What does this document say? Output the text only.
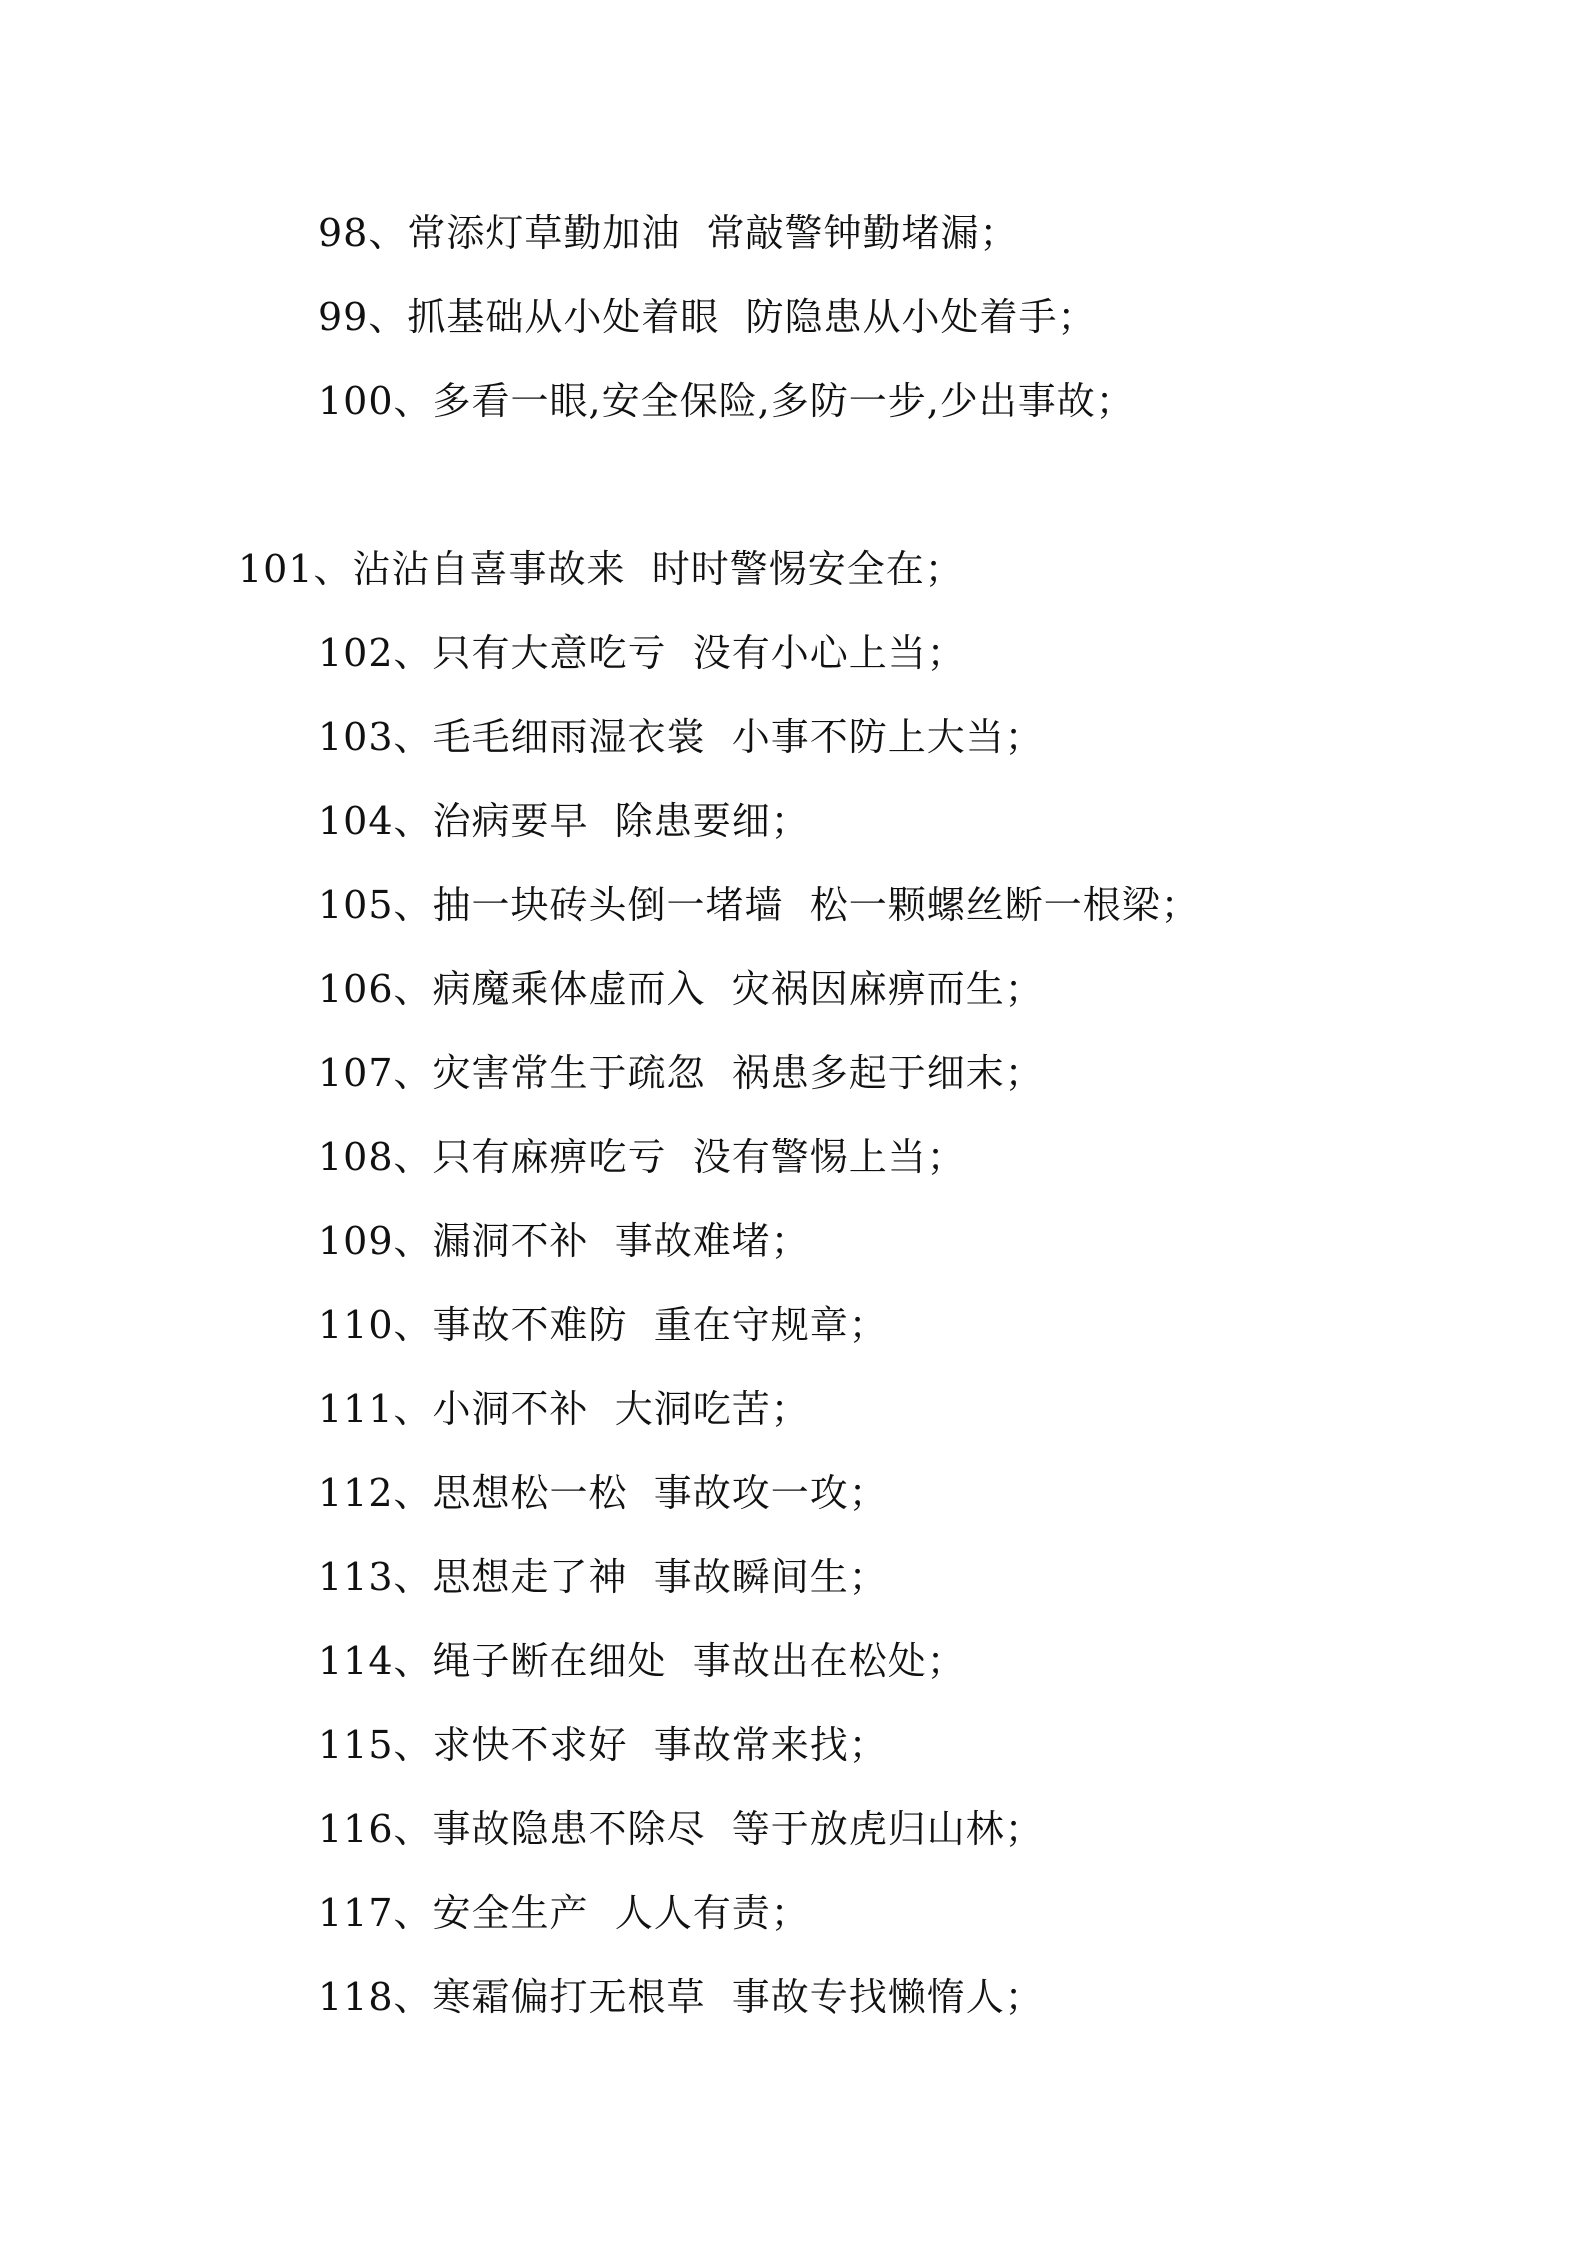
98、常添灯草勤加油  常敲警钟勤堵漏；
99、抓基础从小处着眼  防隐患从小处着手；
100、多看一眼,安全保险,多防一步,少出事故；
101、沾沾自喜事故来  时时警惕安全在；
102、只有大意吃亏  没有小心上当；
103、毛毛细雨湿衣裳  小事不防上大当；
104、治病要早  除患要细；
105、抽一块砖头倒一堵墙  松一颗螺丝断一根梁；
106、病魔乘体虚而入  灾祸因麻痹而生；
107、灾害常生于疏忽  祸患多起于细末；
108、只有麻痹吃亏  没有警惕上当；
109、漏洞不补  事故难堵；
110、事故不难防  重在守规章；
111、小洞不补  大洞吃苦；
112、思想松一松  事故攻一攻；
113、思想走了神  事故瞬间生；
114、绳子断在细处  事故出在松处；
115、求快不求好  事故常来找；
116、事故隐患不除尽  等于放虎归山林；
117、安全生产  人人有责；
118、寒霜偏打无根草  事故专找懒惰人；
